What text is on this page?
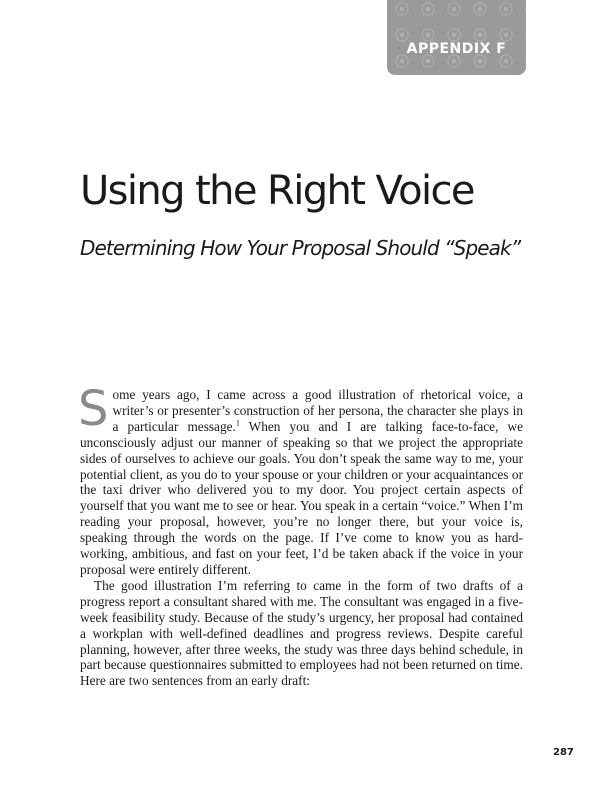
APPENDIX F
Using the Right Voice
Determining How Your Proposal Should “Speak”

Some years ago, I came across a good illustration of rhetorical voice, a writer’s or presenter’s construction of her persona, the character she plays in a particular message.$^1$ When you and I are talking face-to-face, we unconsciously adjust our manner of speaking so that we project the appropriate sides of ourselves to achieve our goals. You don’t speak the same way to me, your potential client, as you do to your spouse or your children or your acquaintances or the taxi driver who delivered you to my door. You project certain aspects of yourself that you want me to see or hear. You speak in a certain “voice.” When I’m reading your proposal, however, you’re no longer there, but your voice is, speaking through the words on the page. If I’ve come to know you as hard-working, ambitious, and fast on your feet, I’d be taken aback if the voice in your proposal were entirely different.

The good illustration I’m referring to came in the form of two drafts of a progress report a consultant shared with me. The consultant was engaged in a five-week feasibility study. Because of the study’s urgency, her proposal had contained a workplan with well-defined deadlines and progress reviews. Despite careful planning, however, after three weeks, the study was three days behind schedule, in part because questionnaires submitted to employees had not been returned on time. Here are two sentences from an early draft:

287
